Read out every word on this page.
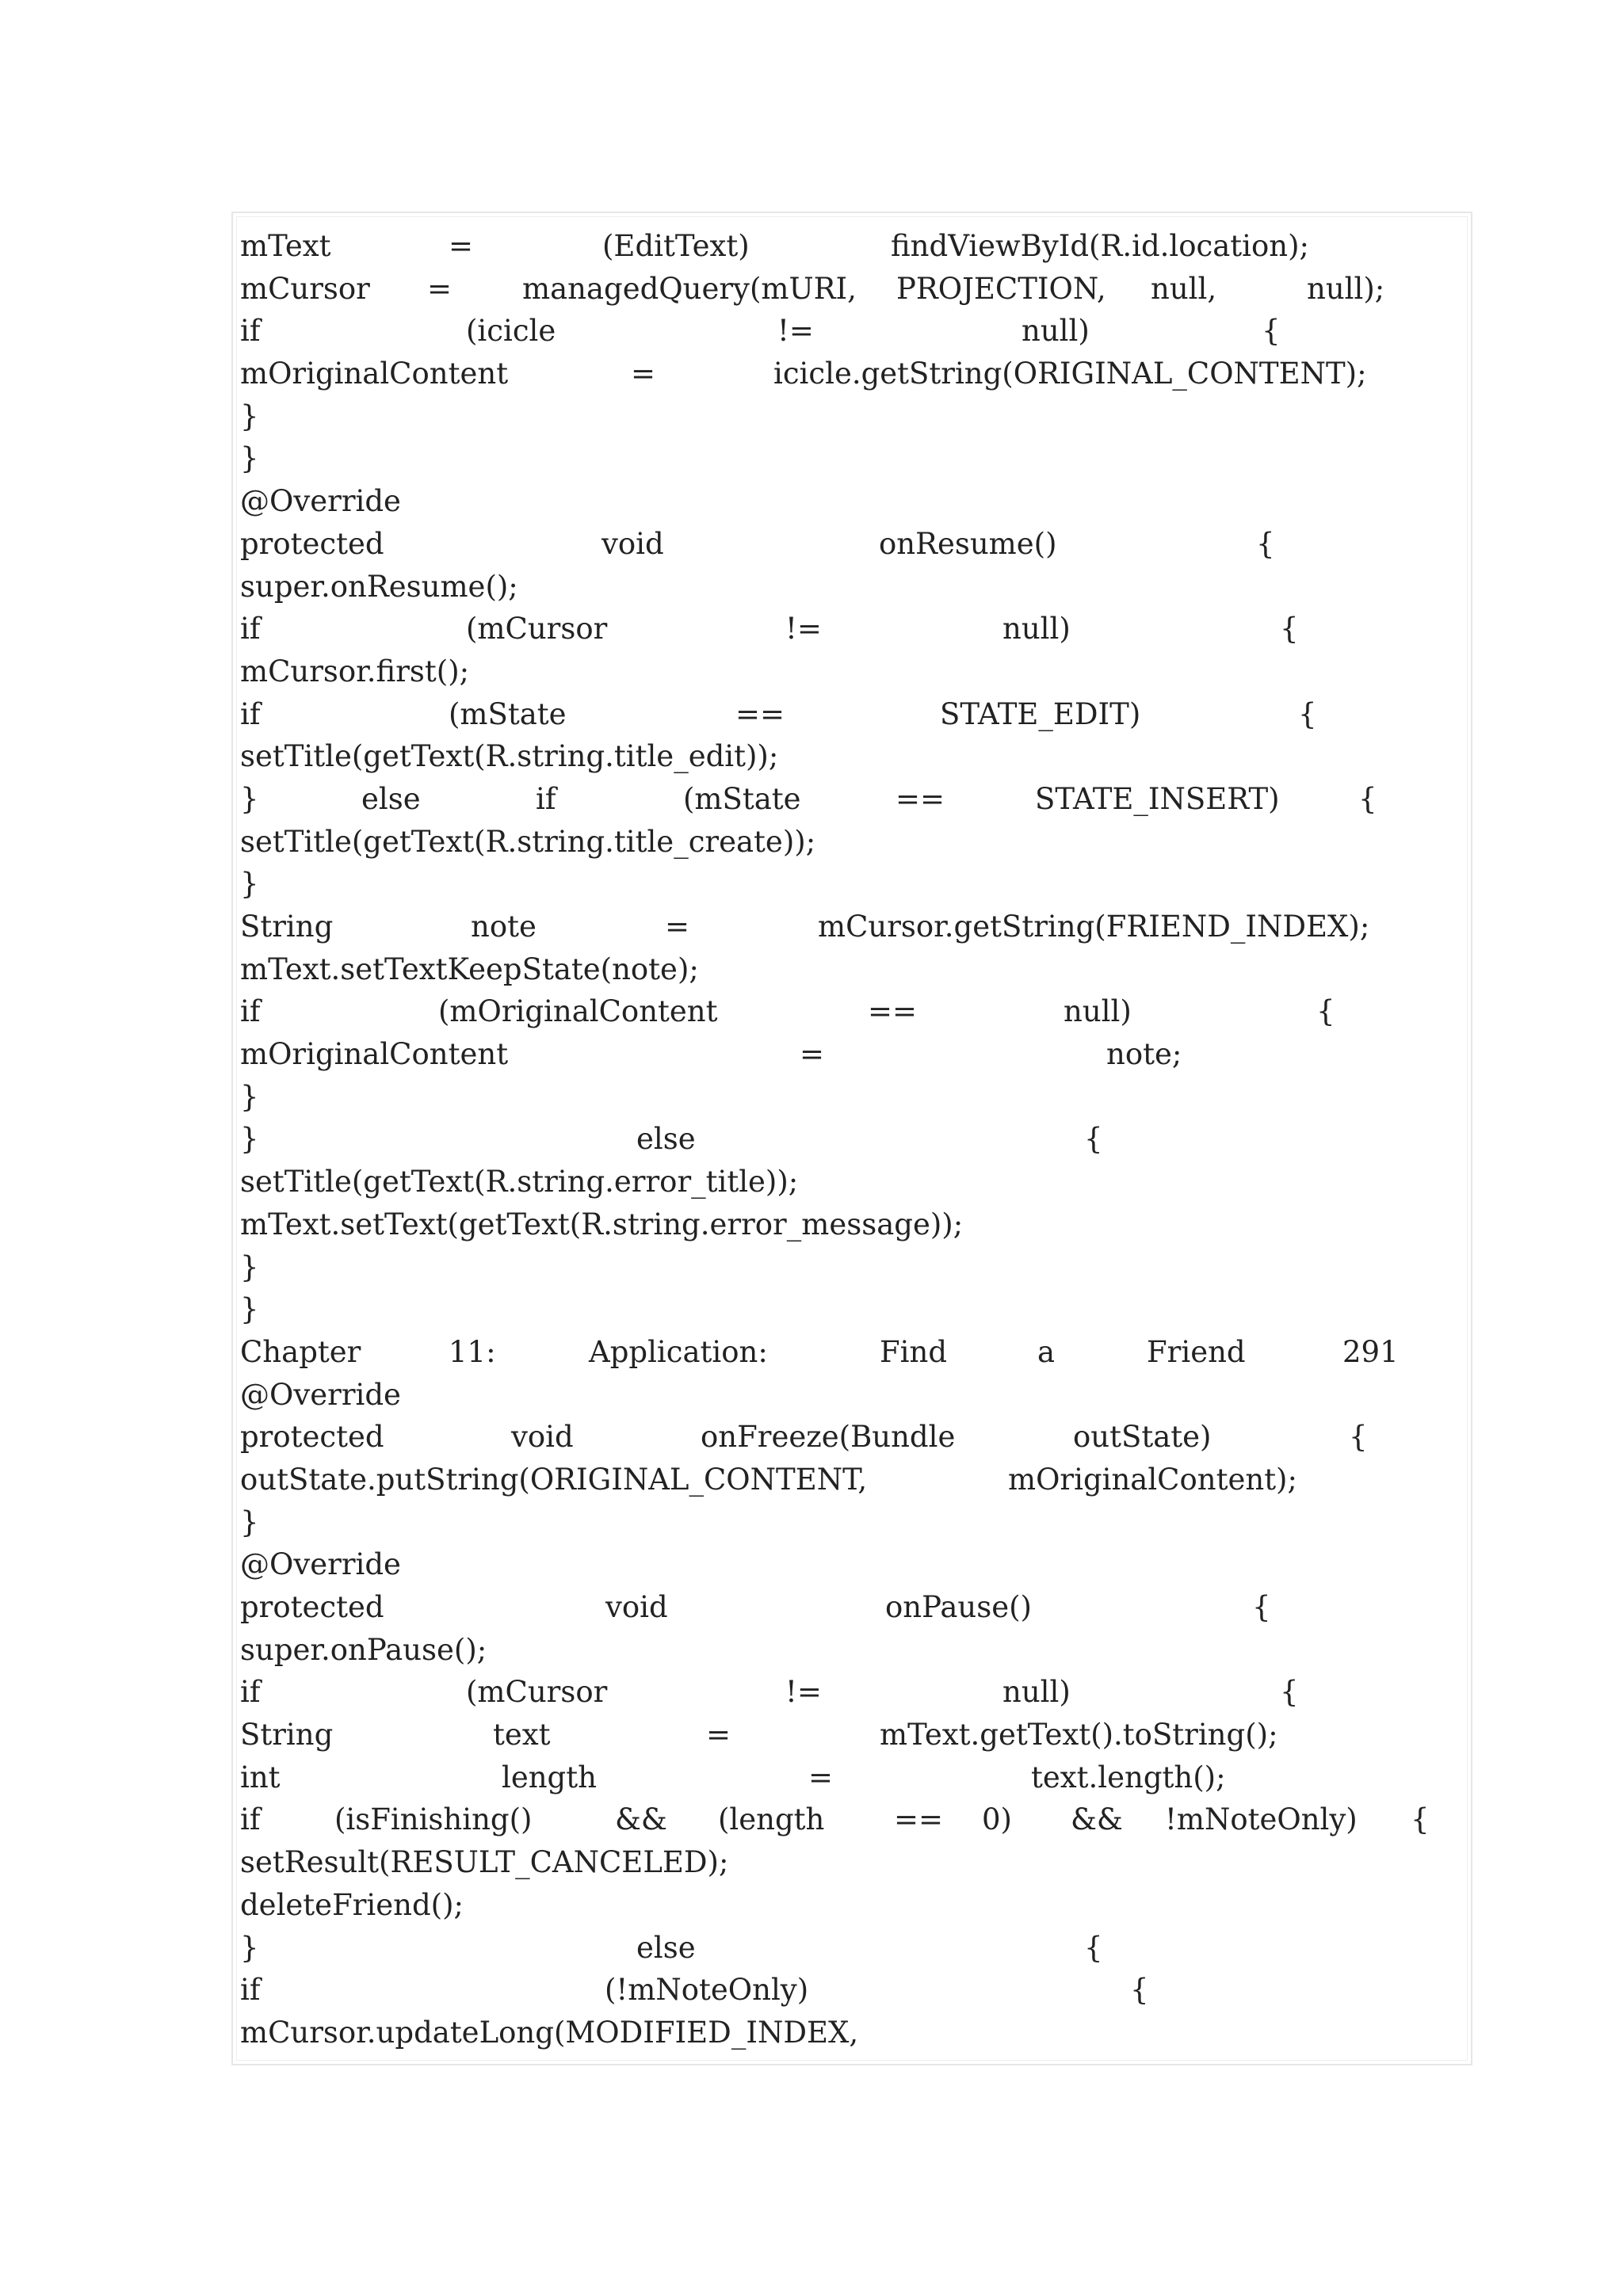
mText	=	(EditText)	findViewById(R.id.location);
mCursor = managedQuery(mURI, PROJECTION, null,	null);
if	(icicle	!=	null)	{
mOriginalContent	=	icicle.getString(ORIGINAL_CONTENT);
}
}
@Override
protected	void	onResume()	{
super.onResume();
if	(mCursor	!=	null)	{
mCursor.first();
if	(mState	==	STATE_EDIT)	{
setTitle(getText(R.string.title_edit));
}	else	if	(mState	==	STATE_INSERT)	{
setTitle(getText(R.string.title_create));
}
String	note	=	mCursor.getString(FRIEND_INDEX);
mText.setTextKeepState(note);
if	(mOriginalContent	==	null)	{
mOriginalContent	=	note;
}
}	else	{
setTitle(getText(R.string.error_title));
mText.setText(getText(R.string.error_message));
}
}
Chapter	11:	Application:	Find	a	Friend	291
@Override
protected	void	onFreeze(Bundle	outState)	{
outState.putString(ORIGINAL_CONTENT,	mOriginalContent);
}
@Override
protected	void	onPause()	{
super.onPause();
if	(mCursor	!=	null)	{
String	text	=	mText.getText().toString();
int	length	=	text.length();
if	(isFinishing()	&& (length == 0) && !mNoteOnly) {
setResult(RESULT_CANCELED);
deleteFriend();
}	else	{
if	(!mNoteOnly)	{
mCursor.updateLong(MODIFIED_INDEX,
